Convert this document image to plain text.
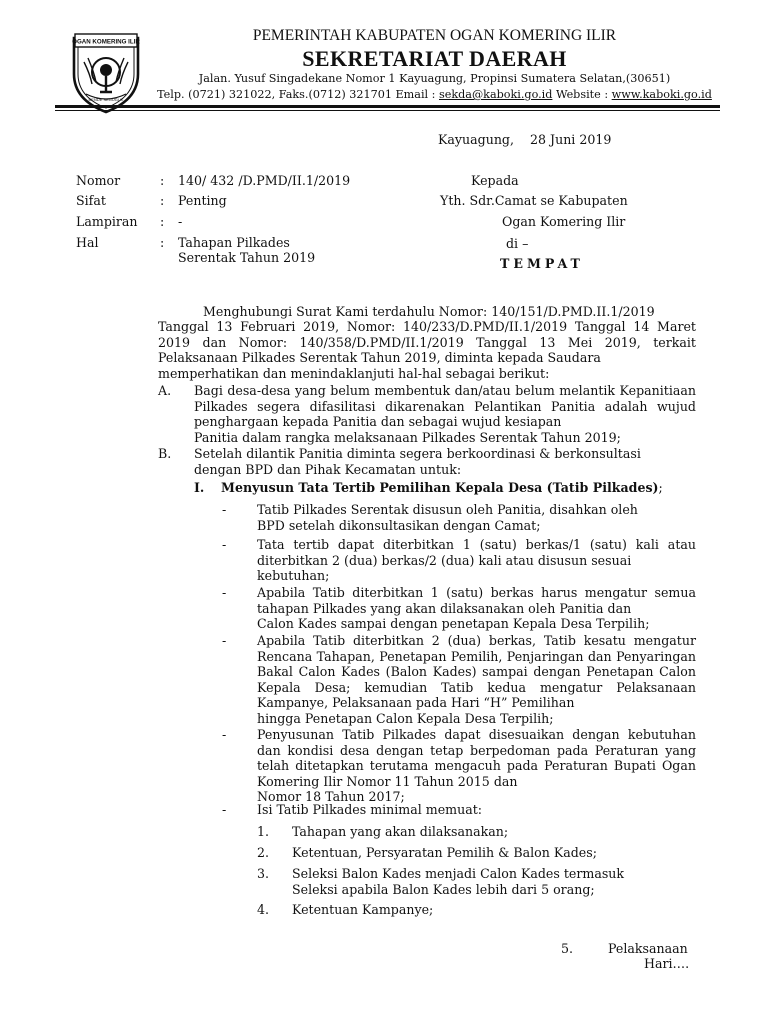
OGAN KOMERING ILIR
BENDE SEGUGUK
PEMERINTAH KABUPATEN OGAN KOMERING ILIR
SEKRETARIAT DAERAH
Jalan. Yusuf Singadekane Nomor 1 Kayuagung, Propinsi Sumatera Selatan,(30651)
Telp. (0721) 321022, Faks.(0712) 321701 Email : sekda@kaboki.go.id Website : www.kaboki.go.id
Kayuagung,    28 Juni 2019
Nomor	: 140/ 432 /D.PMD/II.1/2019
Sifat	: Penting
Lampiran : -
Hal	: Tahapan Pilkades
Serentak Tahun 2019
Kepada
Yth. Sdr.Camat se Kabupaten
Ogan Komering Ilir
di –
TEMPAT
Menghubungi Surat Kami terdahulu Nomor: 140/151/D.PMD.II.1/2019
Tanggal 13 Februari 2019, Nomor: 140/233/D.PMD/II.1/2019 Tanggal 14 Maret 2019 dan Nomor: 140/358/D.PMD/II.1/2019 Tanggal 13 Mei 2019, terkait Pelaksanaan Pilkades Serentak Tahun 2019, diminta kepada Saudara
memperhatikan dan menindaklanjuti hal-hal sebagai berikut:
A. Bagi desa-desa yang belum membentuk dan/atau belum melantik Kepanitiaan Pilkades segera difasilitasi dikarenakan Pelantikan Panitia adalah wujud penghargaan kepada Panitia dan sebagai wujud kesiapan
Panitia dalam rangka melaksanaan Pilkades Serentak Tahun 2019;
B. Setelah dilantik Panitia diminta segera berkoordinasi & berkonsultasi
dengan BPD dan Pihak Kecamatan untuk:
I. Menyusun Tata Tertib Pemilihan Kepala Desa (Tatib Pilkades);
- Tatib Pilkades Serentak disusun oleh Panitia, disahkan oleh
BPD setelah dikonsultasikan dengan Camat;
- Tata tertib dapat diterbitkan 1 (satu) berkas/1 (satu) kali atau diterbitkan 2 (dua) berkas/2 (dua) kali atau disusun sesuai
kebutuhan;
- Apabila Tatib diterbitkan 1 (satu) berkas harus mengatur semua tahapan Pilkades yang akan dilaksanakan oleh Panitia dan
Calon Kades sampai dengan penetapan Kepala Desa Terpilih;
- Apabila Tatib diterbitkan 2 (dua) berkas, Tatib kesatu mengatur Rencana Tahapan, Penetapan Pemilih, Penjaringan dan Penyaringan Bakal Calon Kades (Balon Kades) sampai dengan Penetapan Calon Kepala Desa; kemudian Tatib kedua mengatur Pelaksanaan Kampanye, Pelaksanaan pada Hari “H” Pemilihan
hingga Penetapan Calon Kepala Desa Terpilih;
- Penyusunan Tatib Pilkades dapat disesuaikan dengan kebutuhan dan kondisi desa dengan tetap berpedoman pada Peraturan yang telah ditetapkan terutama mengacuh pada Peraturan Bupati Ogan Komering Ilir Nomor 11 Tahun 2015 dan
Nomor 18 Tahun 2017;
- Isi Tatib Pilkades minimal memuat:
1. Tahapan yang akan dilaksanakan;
2. Ketentuan, Persyaratan Pemilih & Balon Kades;
3. Seleksi Balon Kades menjadi Calon Kades termasuk
Seleksi apabila Balon Kades lebih dari 5 orang;
4. Ketentuan Kampanye;
5.	Pelaksanaan
Hari….
